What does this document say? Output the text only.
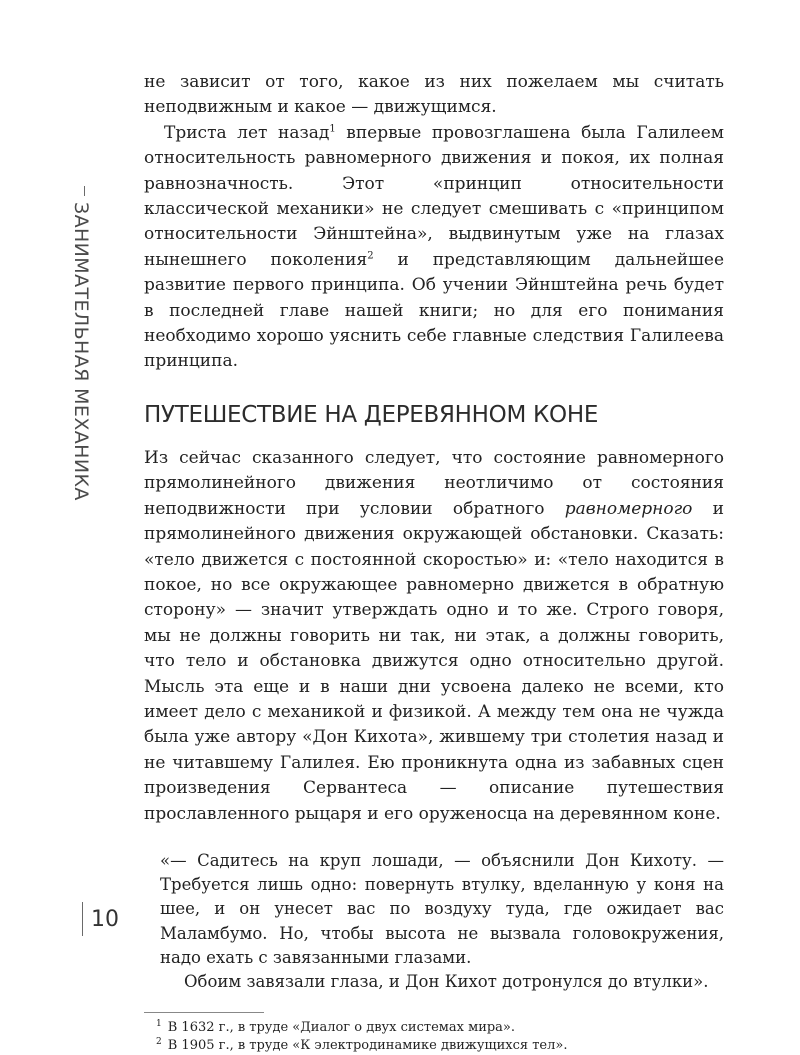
ЗАНИМАТЕЛЬНАЯ МЕХАНИКА
10

не зависит от того, какое из них пожелаем мы считать неподвижным и какое — движущимся.

Триста лет назад$^1$ впервые провозглашена была Галилеем относительность равномерного движения и покоя, их полная равнозначность. Этот «принцип относительности классической механики» не следует смешивать с «принципом относительности Эйнштейна», выдвинутым уже на глазах нынешнего поколения$^2$ и представляющим дальнейшее развитие первого принципа. Об учении Эйнштейна речь будет в последней главе нашей книги; но для его понимания необходимо хорошо уяснить себе главные следствия Галилеева принципа.

ПУТЕШЕСТВИЕ НА ДЕРЕВЯННОМ КОНЕ

Из сейчас сказанного следует, что состояние равномерного прямолинейного движения неотличимо от состояния неподвижности при условии обратного равномерного и прямолинейного движения окружающей обстановки. Сказать: «тело движется с постоянной скоростью» и: «тело находится в покое, но все окружающее равномерно движется в обратную сторону» — значит утверждать одно и то же. Строго говоря, мы не должны говорить ни так, ни этак, а должны говорить, что тело и обстановка движутся одно относительно другой. Мысль эта еще и в наши дни усвоена далеко не всеми, кто имеет дело с механикой и физикой. А между тем она не чужда была уже автору «Дон Кихота», жившему три столетия назад и не читавшему Галилея. Ею проникнута одна из забавных сцен произведения Сервантеса — описание путешествия прославленного рыцаря и его оруженосца на деревянном коне.

«— Садитесь на круп лошади, — объяснили Дон Кихоту. — Требуется лишь одно: повернуть втулку, вделанную у коня на шее, и он унесет вас по воздуху туда, где ожидает вас Маламбумо. Но, чтобы высота не вызвала головокружения, надо ехать с завязанными глазами.

Обоим завязали глаза, и Дон Кихот дотронулся до втулки».

$^1$ В 1632 г., в труде «Диалог о двух системах мира».
$^2$ В 1905 г., в труде «К электродинамике движущихся тел».
